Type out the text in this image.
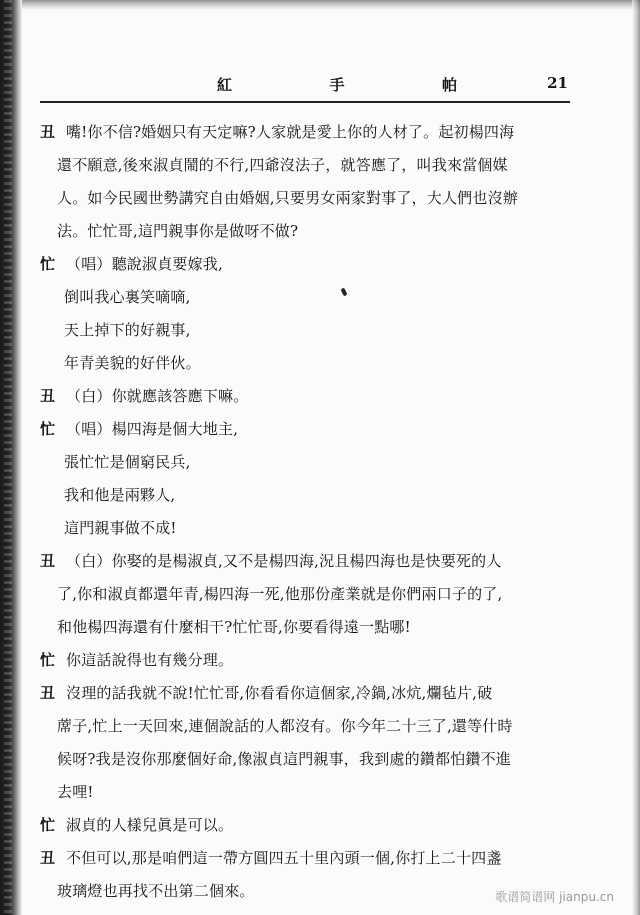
紅	手	帕	21
丑 嘴!你不信?婚姻只有天定嘛?人家就是愛上你的人材了。起初楊四海
還不願意,後來淑貞鬧的不行,四爺沒法子，就答應了，叫我來當個媒
人。如今民國世勢講究自由婚姻,只要男女兩家對事了，大人們也沒辦
法。忙忙哥,這門親事你是做呀不做?
忙 （唱）聽說淑貞要嫁我,
倒叫我心裏笑嘀嘀,
天上掉下的好親事,
年青美貌的好伴伙。
丑 （白）你就應該答應下嘛。
忙 （唱）楊四海是個大地主,
張忙忙是個窮民兵,
我和他是兩夥人,
這門親事做不成!
丑 （白）你娶的是楊淑貞,又不是楊四海,況且楊四海也是快要死的人
了,你和淑貞都還年青,楊四海一死,他那份產業就是你們兩口子的了,
和他楊四海還有什麼相干?忙忙哥,你要看得遠一點哪!
忙 你這話說得也有幾分理。
丑 沒理的話我就不說!忙忙哥,你看看你這個家,冷鍋,冰炕,爛毡片,破
蓆子,忙上一天回來,連個說話的人都沒有。你今年二十三了,還等什時
候呀?我是沒你那麼個好命,像淑貞這門親事，我到處的鑽都怕鑽不進
去哩!
忙 淑貞的人樣兒眞是可以。
丑 不但可以,那是咱們這一帶方圓四五十里內頭一個,你打上二十四盞
玻璃燈也再找不出第二個來。	歌谱简谱网 jianpu.cn
